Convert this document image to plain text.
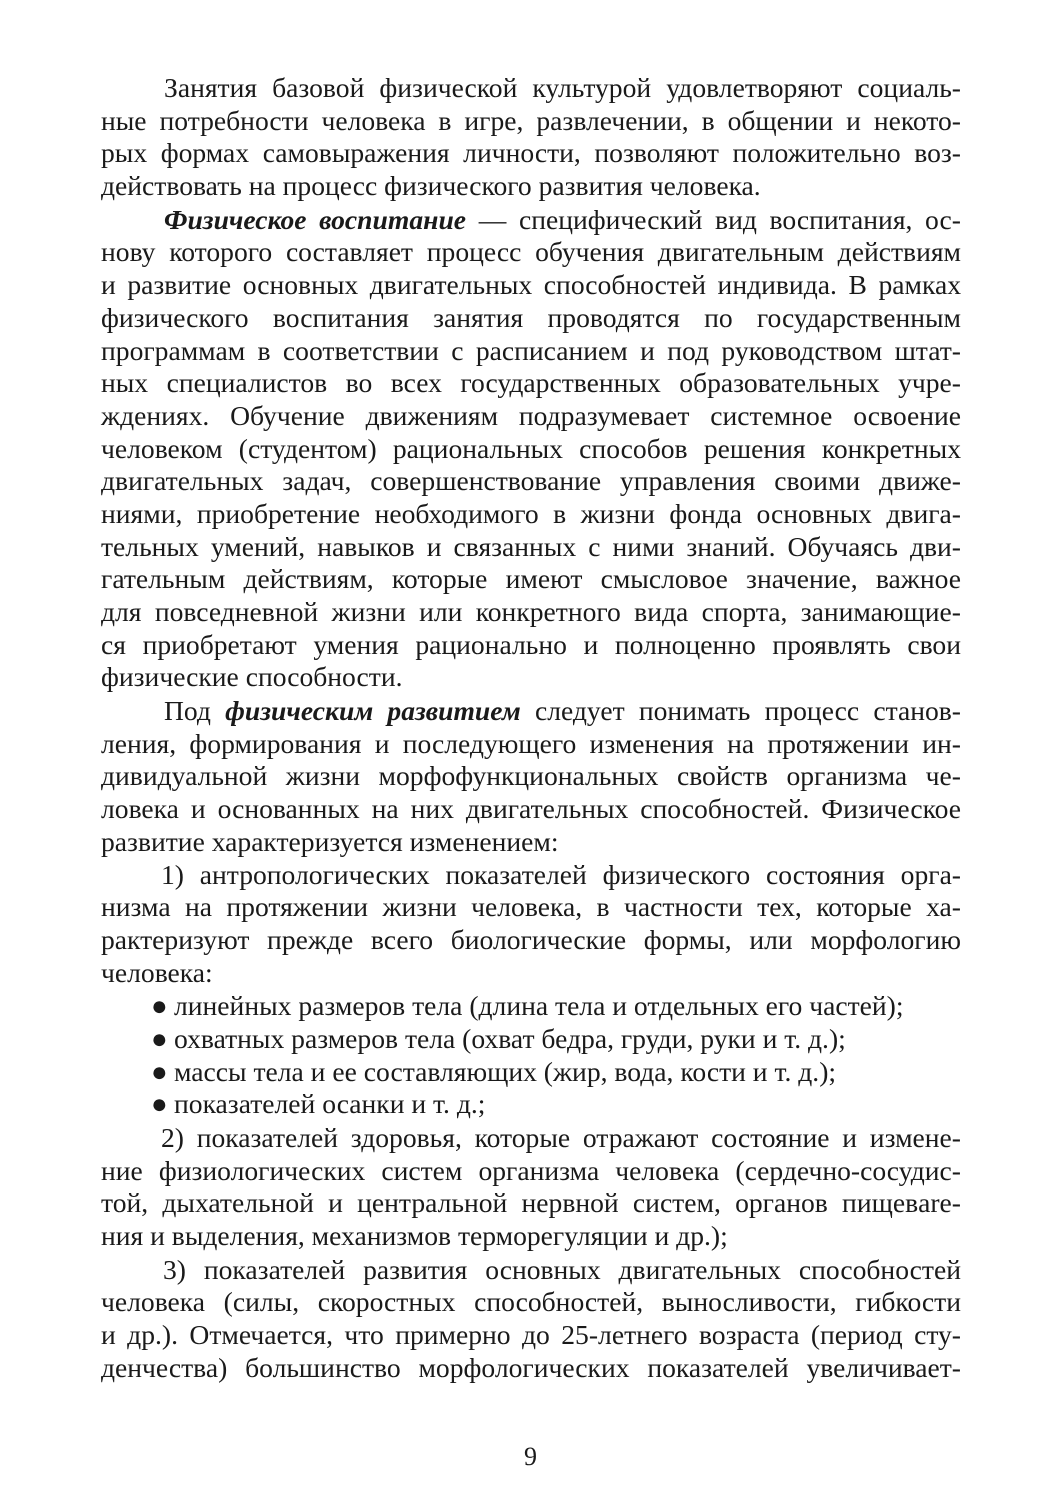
Занятия базовой физической культурой удовлетворяют социаль-
ные потребности человека в игре, развлечении, в общении и некото-
рых формах самовыражения личности, позволяют положительно воз-
действовать на процесс физического развития человека.
Физическое воспитание — специфический вид воспитания, ос-
нову которого составляет процесс обучения двигательным действиям
и развитие основных двигательных способностей индивида. В рамках
физического воспитания занятия проводятся по государственным
программам в соответствии с расписанием и под руководством штат-
ных специалистов во всех государственных образовательных учре-
ждениях. Обучение движениям подразумевает системное освоение
человеком (студентом) рациональных способов решения конкретных
двигательных задач, совершенствование управления своими движе-
ниями, приобретение необходимого в жизни фонда основных двига-
тельных умений, навыков и связанных с ними знаний. Обучаясь дви-
гательным действиям, которые имеют смысловое значение, важное
для повседневной жизни или конкретного вида спорта, занимающие-
ся приобретают умения рационально и полноценно проявлять свои
физические способности.
Под физическим развитием следует понимать процесс станов-
ления, формирования и последующего изменения на протяжении ин-
дивидуальной жизни морфофункциональных свойств организма че-
ловека и основанных на них двигательных способностей. Физическое
развитие характеризуется изменением:
1) антропологических показателей физического состояния орга-
низма на протяжении жизни человека, в частности тех, которые ха-
рактеризуют прежде всего биологические формы, или морфологию
человека:
● линейных размеров тела (длина тела и отдельных его частей);
● охватных размеров тела (охват бедра, груди, руки и т. д.);
● массы тела и ее составляющих (жир, вода, кости и т. д.);
● показателей осанки и т. д.;
2) показателей здоровья, которые отражают состояние и измене-
ние физиологических систем организма человека (сердечно-сосудис-
той, дыхательной и центральной нервной систем, органов пищевare-
ния и выделения, механизмов терморегуляции и др.);
3) показателей развития основных двигательных способностей
человека (силы, скоростных способностей, выносливости, гибкости
и др.). Отмечается, что примерно до 25-летнего возраста (период сту-
денчества) большинство морфологических показателей увеличивает-
9
